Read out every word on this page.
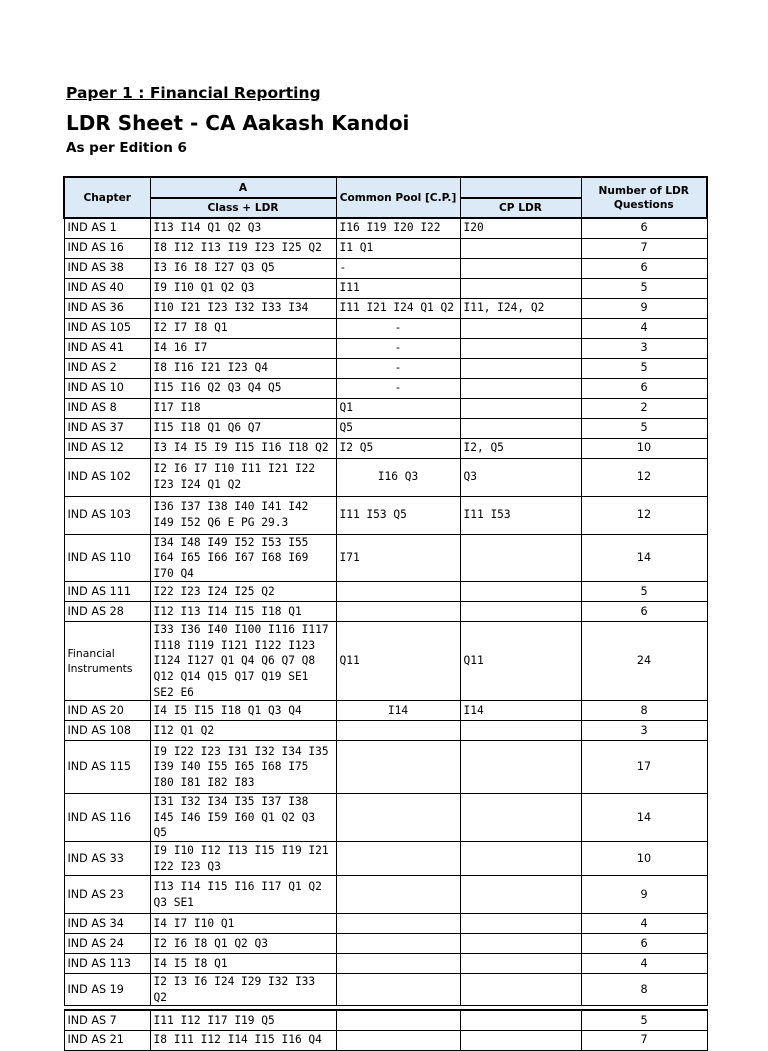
Paper 1 : Financial Reporting
LDR Sheet - CA Aakash Kandoi
As per Edition 6
Chapter	A	Common Pool [C.P.]		Number of LDR Questions
	Class + LDR		CP LDR	
IND AS 1	I13 I14 Q1 Q2 Q3	I16 I19 I20 I22	I20	6
IND AS 16	I8 I12 I13 I19 I23 I25 Q2	I1 Q1		7
IND AS 38	I3 I6 I8 I27 Q3 Q5	-		6
IND AS 40	I9 I10 Q1 Q2 Q3	I11		5
IND AS 36	I10 I21 I23 I32 I33 I34	I11 I21 I24 Q1 Q2	I11, I24, Q2	9
IND AS 105	I2 I7 I8 Q1	-		4
IND AS 41	I4 16 I7	-		3
IND AS 2	I8 I16 I21 I23 Q4	-		5
IND AS 10	I15 I16 Q2 Q3 Q4 Q5	-		6
IND AS 8	I17 I18	Q1		2
IND AS 37	I15 I18 Q1 Q6 Q7	Q5		5
IND AS 12	I3 I4 I5 I9 I15 I16 I18 Q2	I2 Q5	I2, Q5	10
IND AS 102	I2 I6 I7 I10 I11 I21 I22 I23 I24 Q1 Q2	I16 Q3	Q3	12
IND AS 103	I36 I37 I38 I40 I41 I42 I49 I52 Q6 E PG 29.3	I11 I53 Q5	I11 I53	12
IND AS 110	I34 I48 I49 I52 I53 I55 I64 I65 I66 I67 I68 I69 I70 Q4	I71		14
IND AS 111	I22 I23 I24 I25 Q2			5
IND AS 28	I12 I13 I14 I15 I18 Q1			6
Financial Instruments	I33 I36 I40 I100 I116 I117 I118 I119 I121 I122 I123 I124 I127 Q1 Q4 Q6 Q7 Q8 Q12 Q14 Q15 Q17 Q19 SE1 SE2 E6	Q11	Q11	24
IND AS 20	I4 I5 I15 I18 Q1 Q3 Q4	I14	I14	8
IND AS 108	I12 Q1 Q2			3
IND AS 115	I9 I22 I23 I31 I32 I34 I35 I39 I40 I55 I65 I68 I75 I80 I81 I82 I83			17
IND AS 116	I31 I32 I34 I35 I37 I38 I45 I46 I59 I60 Q1 Q2 Q3 Q5			14
IND AS 33	I9 I10 I12 I13 I15 I19 I21 I22 I23 Q3			10
IND AS 23	I13 I14 I15 I16 I17 Q1 Q2 Q3 SE1			9
IND AS 34	I4 I7 I10 Q1			4
IND AS 24	I2 I6 I8 Q1 Q2 Q3			6
IND AS 113	I4 I5 I8 Q1			4
IND AS 19	I2 I3 I6 I24 I29 I32 I33 Q2			8

IND AS 7	I11 I12 I17 I19 Q5			5
IND AS 21	I8 I11 I12 I14 I15 I16 Q4			7
